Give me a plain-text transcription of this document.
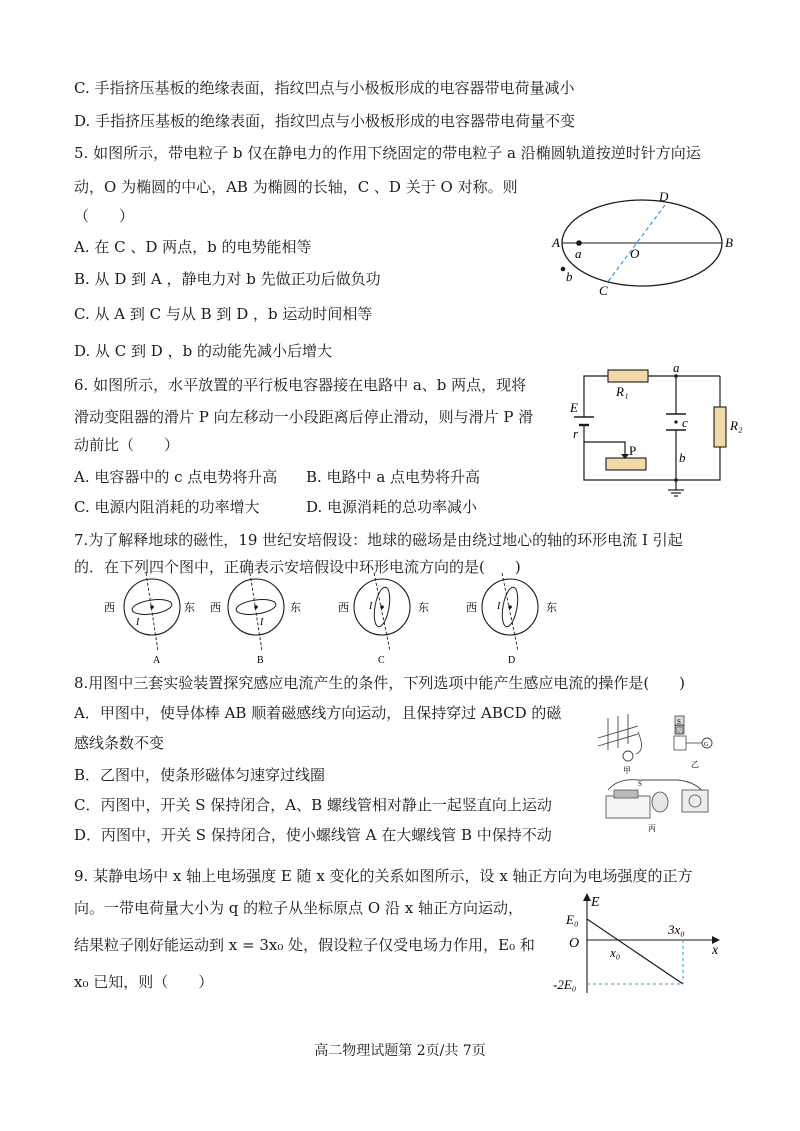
C. 手指挤压基板的绝缘表面，指纹凹点与小极板形成的电容器带电荷量减小
D. 手指挤压基板的绝缘表面，指纹凹点与小极板形成的电容器带电荷量不变
5. 如图所示，带电粒子 b 仅在静电力的作用下绕固定的带电粒子 a 沿椭圆轨道按逆时针方向运
动，O 为椭圆的中心，AB 为椭圆的长轴，C 、D 关于 O 对称。则
（　　）
A. 在 C 、D 两点，b 的电势能相等
B. 从 D 到 A ，静电力对 b 先做正功后做负功
C. 从 A 到 C 与从 B 到 D ，b 运动时间相等
D. 从 C 到 D ，b 的动能先减小后增大
A	B
D
C
O
a
b
6. 如图所示，水平放置的平行板电容器接在电路中 a、b 两点，现将
滑动变阻器的滑片 P 向左移动一小段距离后停止滑动，则与滑片 P 滑
动前比（　　）
A. 电容器中的 c 点电势将升高 B. 电路中 a 点电势将升高
C. 电源内阻消耗的功率增大	D. 电源消耗的总功率减小
R₁
R₂
E
r
a
b
c
P
7.为了解释地球的磁性，19 世纪安培假设：地球的磁场是由绕过地心的轴的环形电流 I 引起
的．在下列四个图中，正确表示安培假设中环形电流方向的是(　　)
西	东
I
A
西	东
I
B
西	东
I
C
西	东
I
D
8.用图中三套实验装置探究感应电流产生的条件，下列选项中能产生感应电流的操作是(　　)
A．甲图中，使导体棒 AB 顺着磁感线方向运动，且保持穿过 ABCD 的磁
感线条数不变
B．乙图中，使条形磁体匀速穿过线圈
C．丙图中，开关 S 保持闭合，A、B 螺线管相对静止一起竖直向上运动
D．丙图中，开关 S 保持闭合，使小螺线管 A 在大螺线管 B 中保持不动
甲
S
N
G
乙
S
丙
9. 某静电场中 x 轴上电场强度 E 随 x 变化的关系如图所示，设 x 轴正方向为电场强度的正方
向。一带电荷量大小为 q 的粒子从坐标原点 O 沿 x 轴正方向运动，
结果粒子刚好能运动到 x = 3x₀ 处，假设粒子仅受电场力作用，E₀ 和
x₀ 已知，则（　　）
E
E₀
O
x₀
3x₀
x
-2E₀
高二物理试题第 2页/共 7页
